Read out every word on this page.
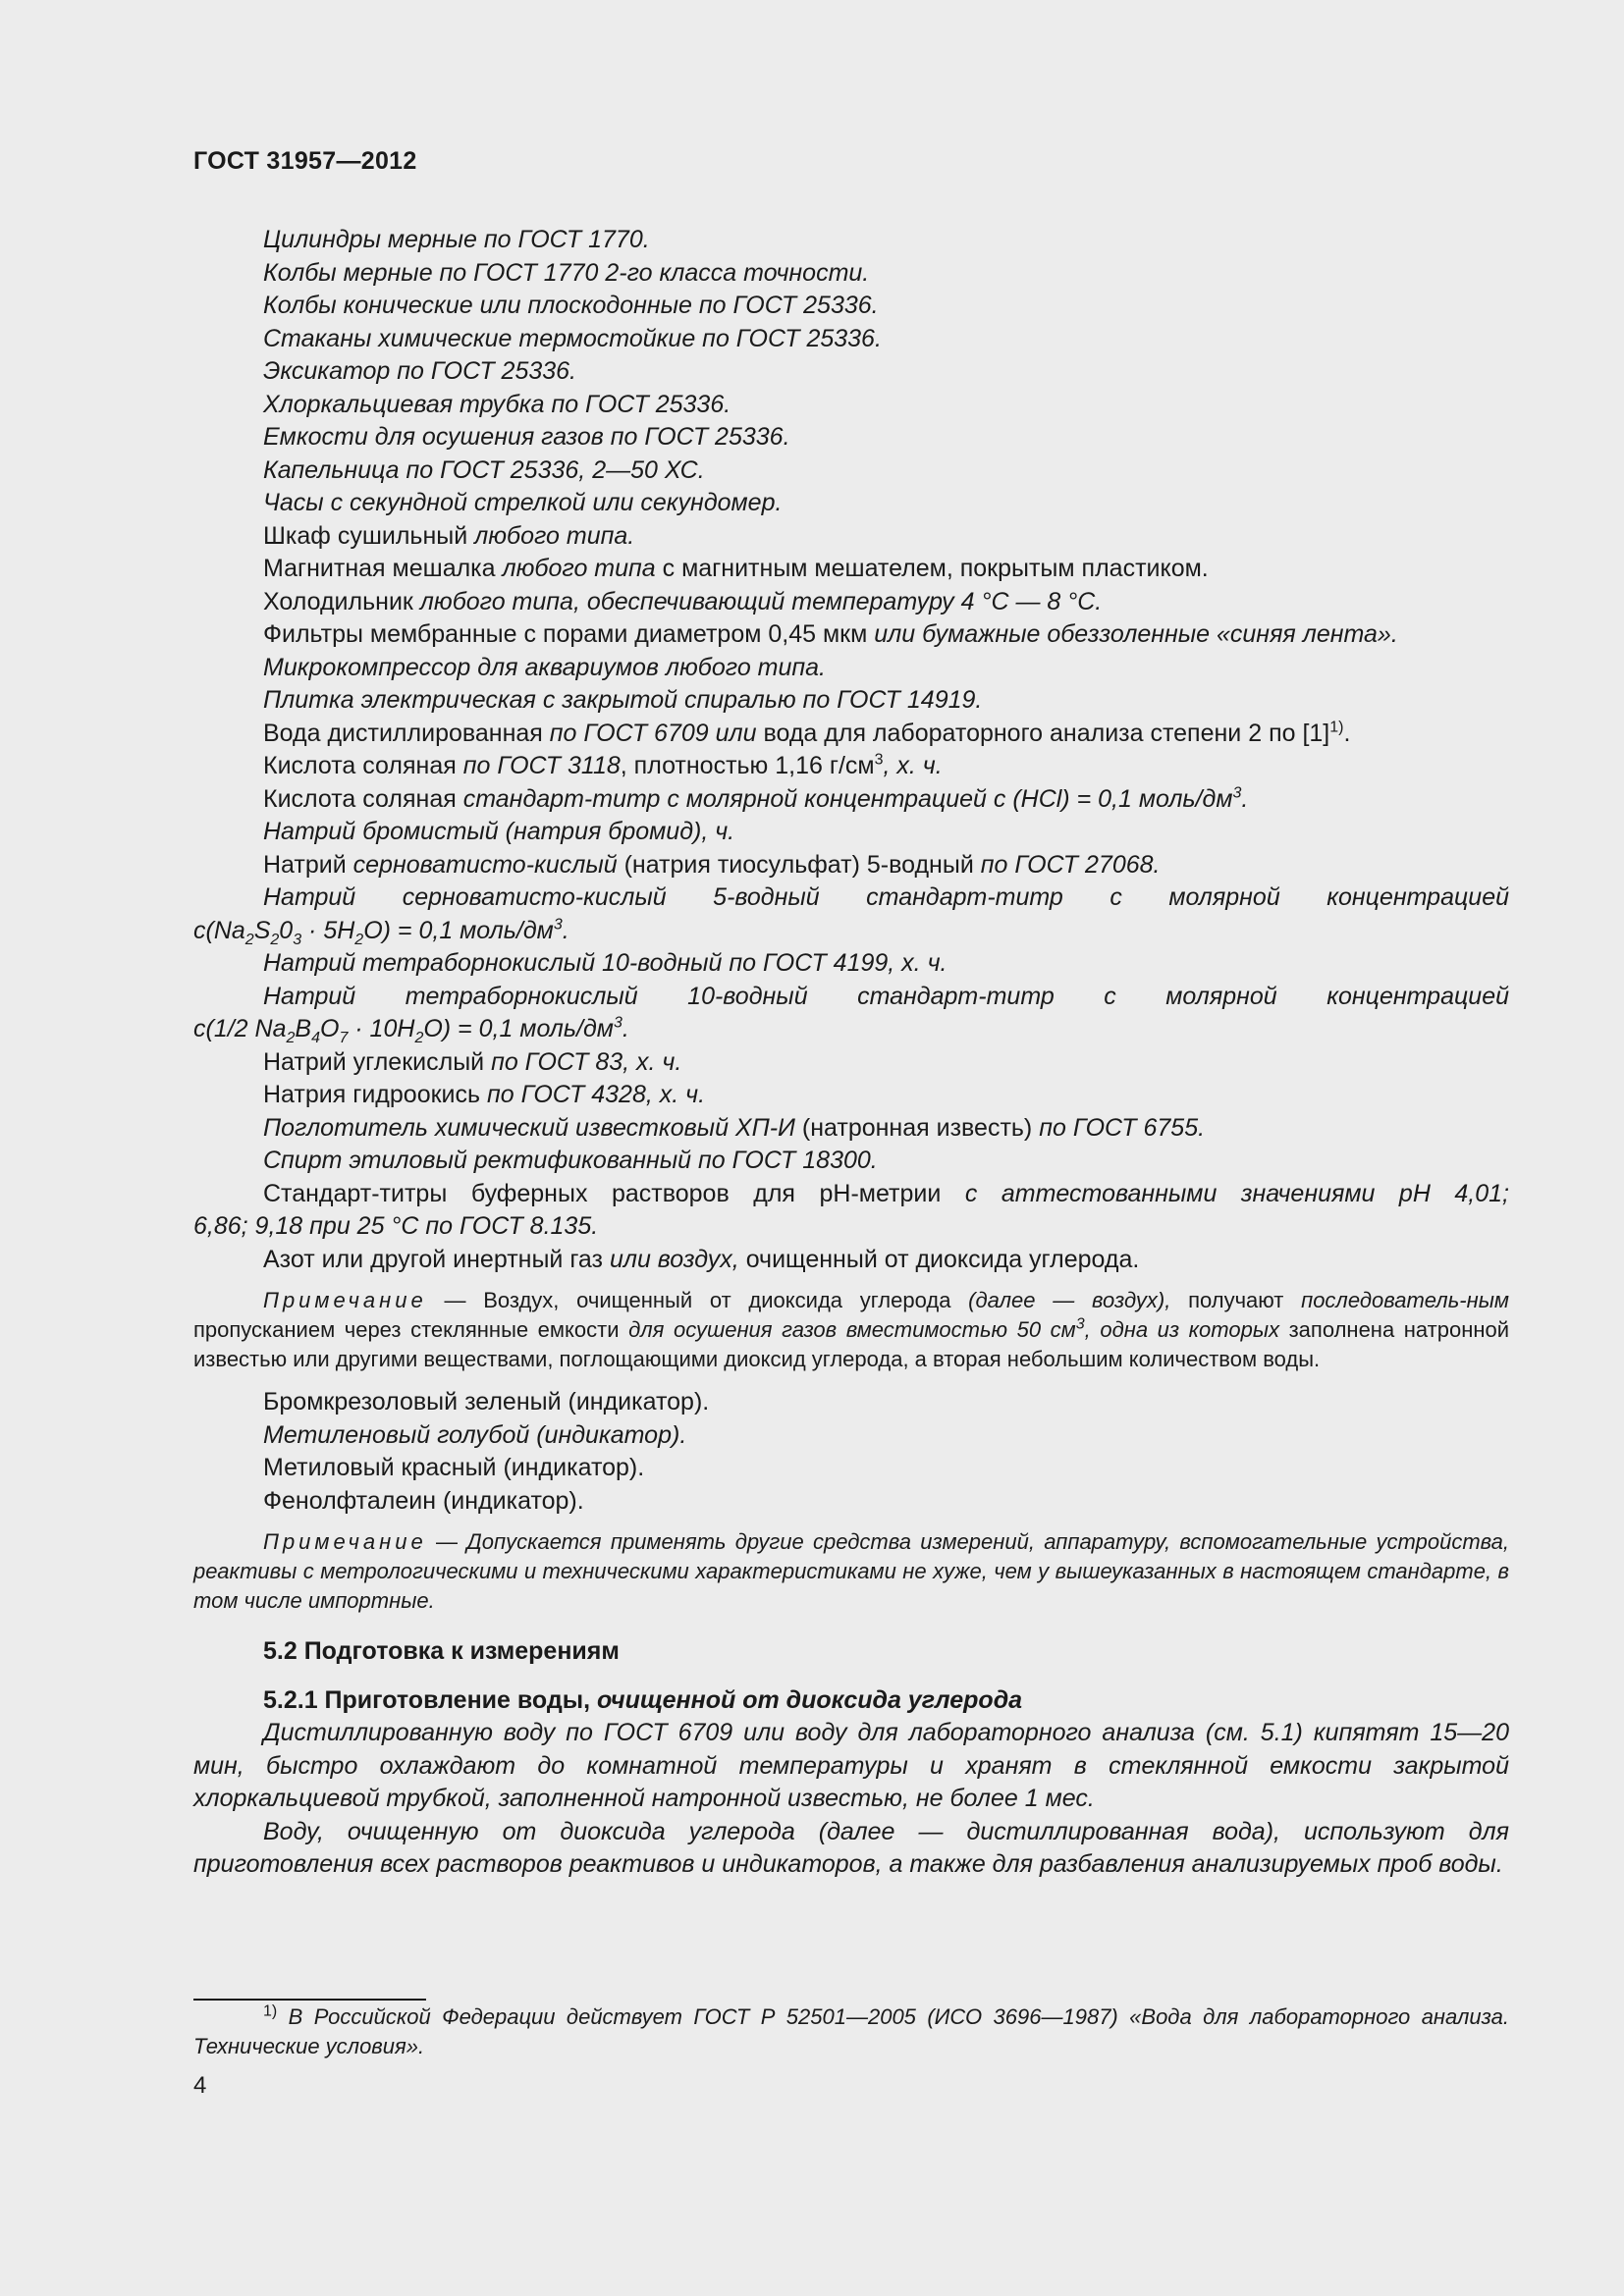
ГОСТ 31957—2012
Цилиндры мерные по ГОСТ 1770.
Колбы мерные по ГОСТ 1770 2-го класса точности.
Колбы конические или плоскодонные по ГОСТ 25336.
Стаканы химические термостойкие по ГОСТ 25336.
Эксикатор по ГОСТ 25336.
Хлоркальциевая трубка по ГОСТ 25336.
Емкости для осушения газов по ГОСТ 25336.
Капельница по ГОСТ 25336, 2—50 ХС.
Часы с секундной стрелкой или секундомер.
Шкаф сушильный любого типа.
Магнитная мешалка любого типа с магнитным мешателем, покрытым пластиком.
Холодильник любого типа, обеспечивающий температуру 4 °С — 8 °С.
Фильтры мембранные с порами диаметром 0,45 мкм или бумажные обеззоленные «синяя лента».
Микрокомпрессор для аквариумов любого типа.
Плитка электрическая с закрытой спиралью по ГОСТ 14919.
Вода дистиллированная по ГОСТ 6709 или вода для лабораторного анализа степени 2 по $[1]^{1)}$.
Кислота соляная по ГОСТ 3118, плотностью 1,16 $г/см^3$, х. ч.
Кислота соляная стандарт-титр с молярной концентрацией с (HCl) = 0,1 моль/$дм^3$.
Натрий бромистый (натрия бромид), ч.
Натрий серноватисто-кислый (натрия тиосульфат) 5-водный по ГОСТ 27068.
Натрий серноватисто-кислый 5-водный стандарт-титр с молярной концентрацией
$c(Na_2S_20_3 \cdot 5H_2O) = 0,1$ моль/$дм^3$.
Натрий тетраборнокислый 10-водный по ГОСТ 4199, х. ч.
Натрий тетраборнокислый 10-водный стандарт-титр с молярной концентрацией
c(1/2 $Na_2B_4O_7 \cdot 10H_2O) = 0,1$ моль/$дм^3$.
Натрий углекислый по ГОСТ 83, х. ч.
Натрия гидроокись по ГОСТ 4328, х. ч.
Поглотитель химический известковый ХП-И (натронная известь) по ГОСТ 6755.
Спирт этиловый ректификованный по ГОСТ 18300.
Стандарт-титры буферных растворов для pH-метрии с аттестованными значениями pH 4,01;
6,86; 9,18 при 25 °С по ГОСТ 8.135.
Азот или другой инертный газ или воздух, очищенный от диоксида углерода.
Примечание — Воздух, очищенный от диоксида углерода (далее — воздух), получают последователь-ным пропусканием через стеклянные емкости для осушения газов вместимостью 50 $см^3$, одна из которых заполнена натронной известью или другими веществами, поглощающими диоксид углерода, а вторая небольшим количеством воды.
Бромкрезоловый зеленый (индикатор).
Метиленовый голубой (индикатор).
Метиловый красный (индикатор).
Фенолфталеин (индикатор).
Примечание — Допускается применять другие средства измерений, аппаратуру, вспомогательные устройства, реактивы с метрологическими и техническими характеристиками не хуже, чем у вышеуказанных в настоящем стандарте, в том числе импортные.
5.2 Подготовка к измерениям
5.2.1 Приготовление воды, очищенной от диоксида углерода
Дистиллированную воду по ГОСТ 6709 или воду для лабораторного анализа (см. 5.1) кипятят 15—20 мин, быстро охлаждают до комнатной температуры и хранят в стеклянной емкости закрытой хлоркальциевой трубкой, заполненной натронной известью, не более 1 мес.
Воду, очищенную от диоксида углерода (далее — дистиллированная вода), используют для приготовления всех растворов реактивов и индикаторов, а также для разбавления анализируемых проб воды.
$^{1)}$ В Российской Федерации действует ГОСТ Р 52501—2005 (ИСО 3696—1987) «Вода для лабораторного анализа. Технические условия».
4
